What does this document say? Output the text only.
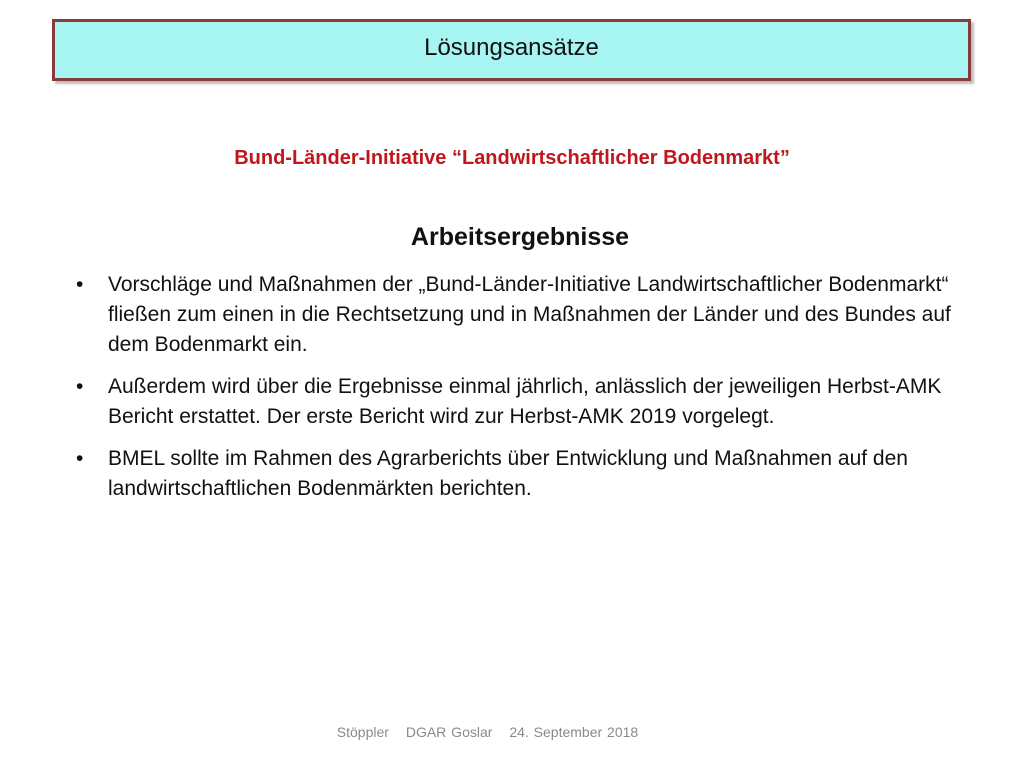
Lösungsansätze
Bund-Länder-Initiative “Landwirtschaftlicher Bodenmarkt”
Arbeitsergebnisse
• Vorschläge und Maßnahmen der „Bund-Länder-Initiative Landwirtschaftlicher Bodenmarkt“ fließen zum einen in die Rechtsetzung und in Maßnahmen der Länder und des Bundes auf dem Bodenmarkt ein.
• Außerdem wird über die Ergebnisse einmal jährlich, anlässlich der jeweiligen Herbst-AMK Bericht erstattet. Der erste Bericht wird zur Herbst-AMK 2019 vorgelegt.
• BMEL sollte im Rahmen des Agrarberichts über Entwicklung und Maßnahmen auf den landwirtschaftlichen Bodenmärkten berichten.
Stöppler DGAR Goslar 24. September 2018
